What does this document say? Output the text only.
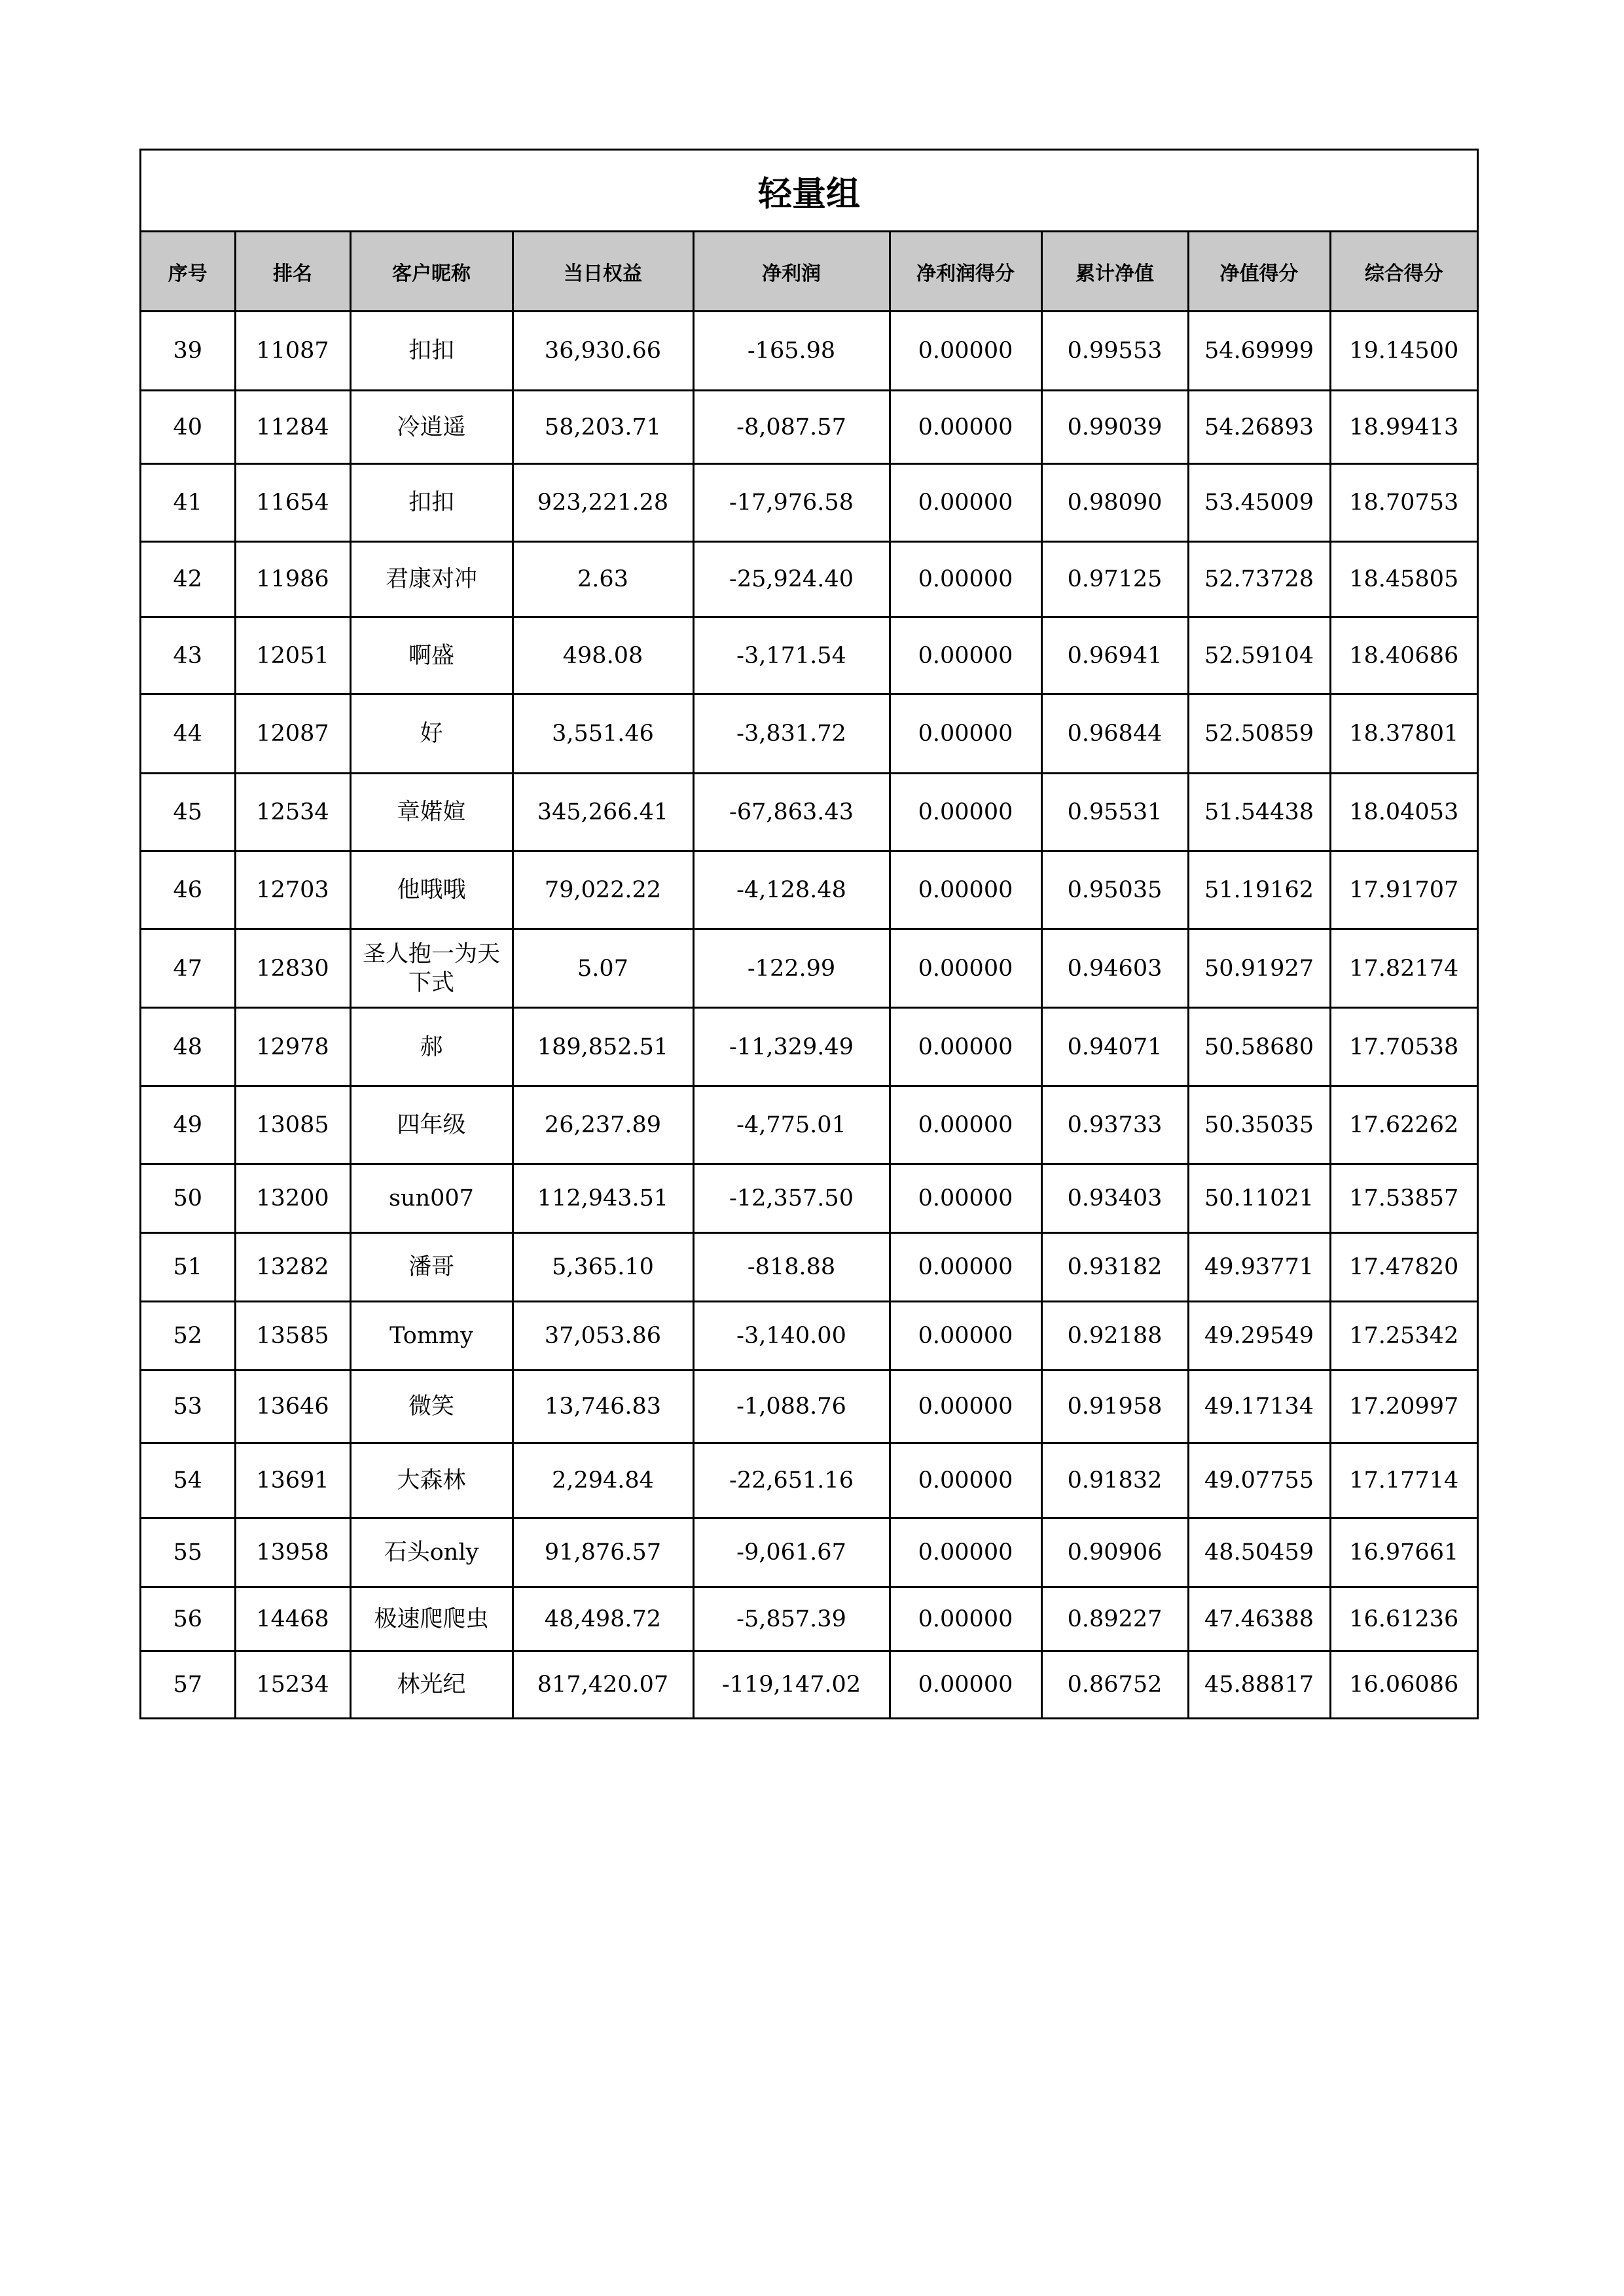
轻量组
序号	排名	客户昵称	当日权益	净利润	净利润得分	累计净值	净值得分	综合得分
39	11087	扣扣	36,930.66	-165.98	0.00000	0.99553	54.69999	19.14500
40	11284	冷逍遥	58,203.71	-8,087.57	0.00000	0.99039	54.26893	18.99413
41	11654	扣扣	923,221.28	-17,976.58	0.00000	0.98090	53.45009	18.70753
42	11986	君康对冲	2.63	-25,924.40	0.00000	0.97125	52.73728	18.45805
43	12051	啊盛	498.08	-3,171.54	0.00000	0.96941	52.59104	18.40686
44	12087	好	3,551.46	-3,831.72	0.00000	0.96844	52.50859	18.37801
45	12534	章婼媗	345,266.41	-67,863.43	0.00000	0.95531	51.54438	18.04053
46	12703	他哦哦	79,022.22	-4,128.48	0.00000	0.95035	51.19162	17.91707
47	12830	圣人抱一为天下式	5.07	-122.99	0.00000	0.94603	50.91927	17.82174
48	12978	郝	189,852.51	-11,329.49	0.00000	0.94071	50.58680	17.70538
49	13085	四年级	26,237.89	-4,775.01	0.00000	0.93733	50.35035	17.62262
50	13200	sun007	112,943.51	-12,357.50	0.00000	0.93403	50.11021	17.53857
51	13282	潘哥	5,365.10	-818.88	0.00000	0.93182	49.93771	17.47820
52	13585	Tommy	37,053.86	-3,140.00	0.00000	0.92188	49.29549	17.25342
53	13646	微笑	13,746.83	-1,088.76	0.00000	0.91958	49.17134	17.20997
54	13691	大森林	2,294.84	-22,651.16	0.00000	0.91832	49.07755	17.17714
55	13958	石头only	91,876.57	-9,061.67	0.00000	0.90906	48.50459	16.97661
56	14468	极速爬爬虫	48,498.72	-5,857.39	0.00000	0.89227	47.46388	16.61236
57	15234	林光纪	817,420.07	-119,147.02	0.00000	0.86752	45.88817	16.06086
